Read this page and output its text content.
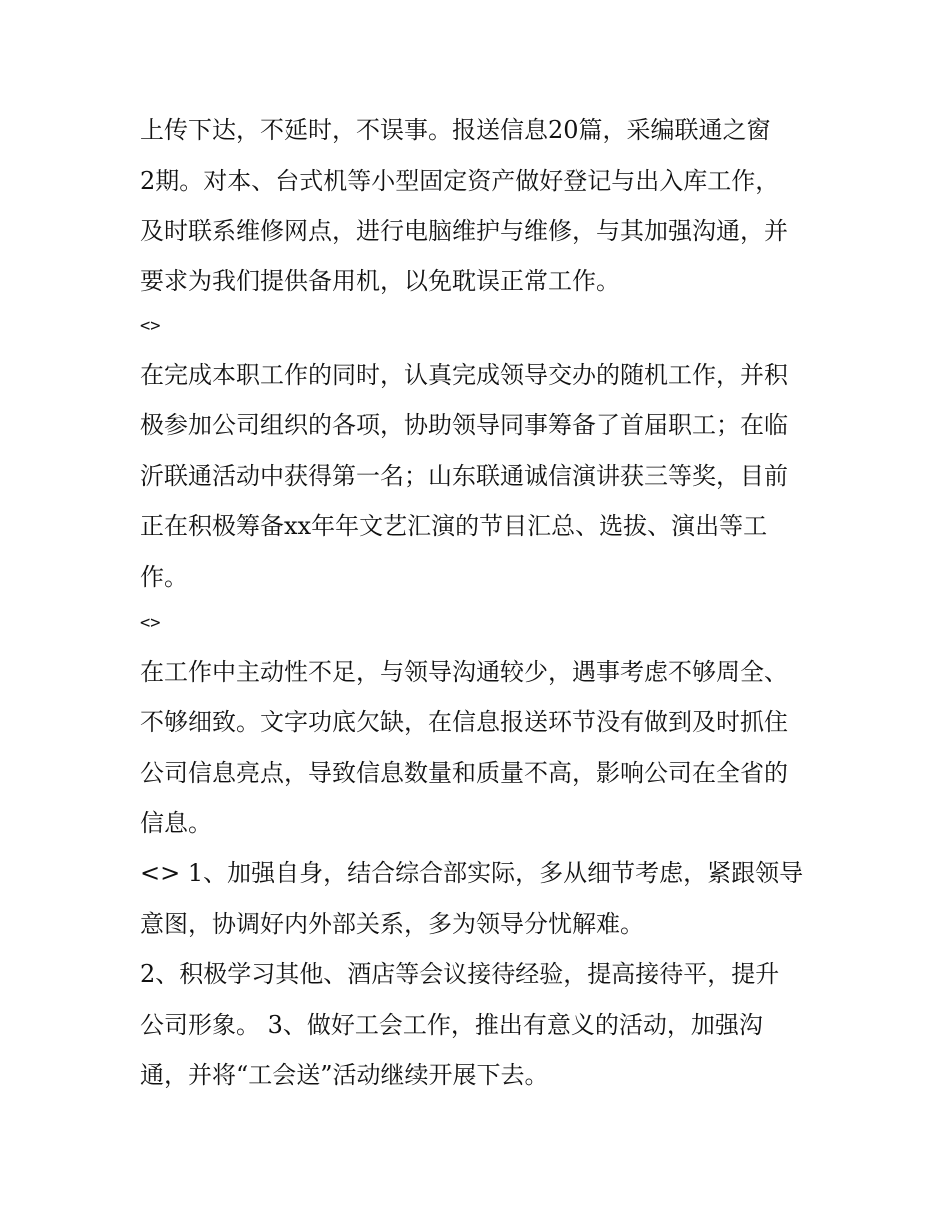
上传下达，不延时，不误事。报送信息20篇，采编联通之窗
2期。对本、台式机等小型固定资产做好登记与出入库工作，
及时联系维修网点，进行电脑维护与维修，与其加强沟通，并
要求为我们提供备用机，以免耽误正常工作。
<>
在完成本职工作的同时，认真完成领导交办的随机工作，并积
极参加公司组织的各项，协助领导同事筹备了首届职工；在临
沂联通活动中获得第一名；山东联通诚信演讲获三等奖，目前
正在积极筹备xx年年文艺汇演的节目汇总、选拔、演出等工
作。
<>
在工作中主动性不足，与领导沟通较少，遇事考虑不够周全、
不够细致。文字功底欠缺，在信息报送环节没有做到及时抓住
公司信息亮点，导致信息数量和质量不高，影响公司在全省的
信息。
<> 1、加强自身，结合综合部实际，多从细节考虑，紧跟领导
意图，协调好内外部关系，多为领导分忧解难。
2、积极学习其他、酒店等会议接待经验，提高接待平，提升
公司形象。 3、做好工会工作，推出有意义的活动，加强沟
通，并将“工会送”活动继续开展下去。
